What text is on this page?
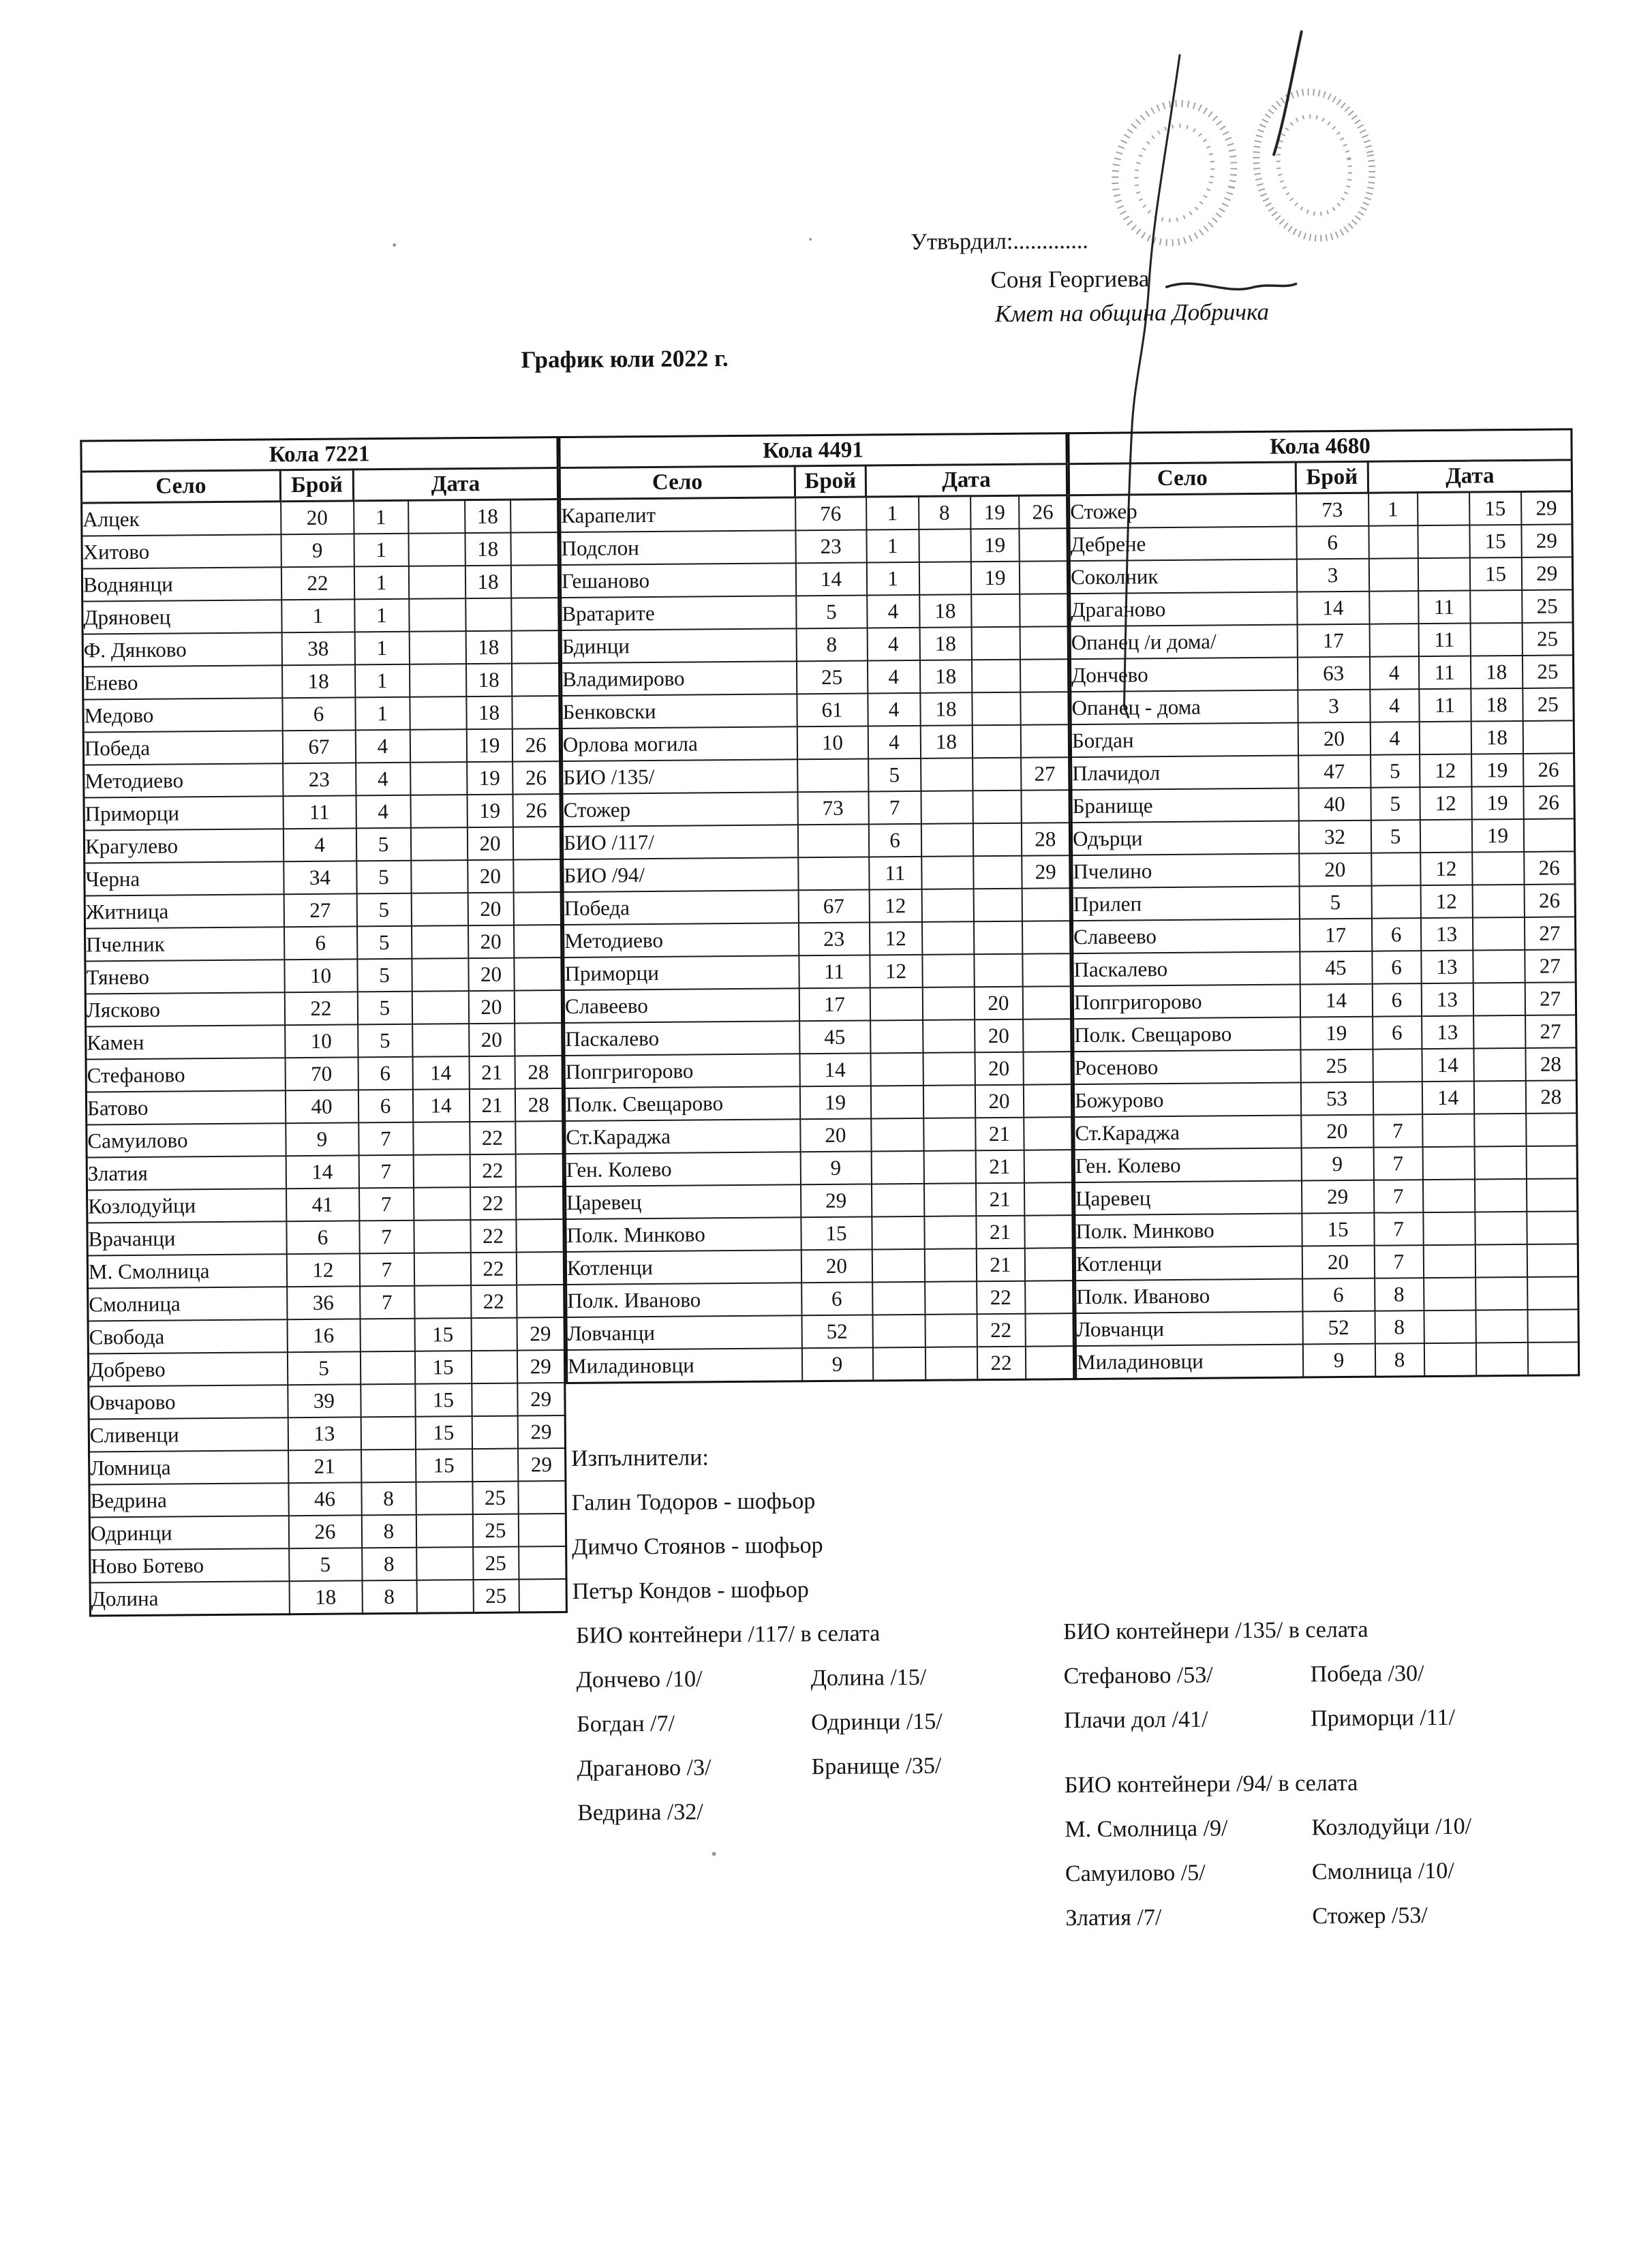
Утвърдил:.............
Соня Георгиева
Кмет на община Добричка
График юли 2022 г.
Кола 7221					
Село	Брой	Дата			
Алцек	20	1		18	
Хитово	9	1		18	
Воднянци	22	1		18	
Дряновец	1	1			
Ф. Дянково	38	1		18	
Енево	18	1		18	
Медово	6	1		18	
Победа	67	4		19	26
Методиево	23	4		19	26
Приморци	11	4		19	26
Крагулево	4	5		20	
Черна	34	5		20	
Житница	27	5		20	
Пчелник	6	5		20	
Тянево	10	5		20	
Лясково	22	5		20	
Камен	10	5		20	
Стефаново	70	6	14	21	28
Батово	40	6	14	21	28
Самуилово	9	7		22	
Златия	14	7		22	
Козлодуйци	41	7		22	
Врачанци	6	7		22	
М. Смолница	12	7		22	
Смолница	36	7		22	
Свобода	16		15		29
Добрево	5		15		29
Овчарово	39		15		29
Сливенци	13		15		29
Ломница	21		15		29
Ведрина	46	8		25	
Одринци	26	8		25	
Ново Ботево	5	8		25	
Долина	18	8		25	
Кола 4491					
Село	Брой	Дата			
Карапелит	76	1	8	19	26
Подслон	23	1		19	
Гешаново	14	1		19	
Вратарите	5	4	18		
Бдинци	8	4	18		
Владимирово	25	4	18		
Бенковски	61	4	18		
Орлова могила	10	4	18		
БИО /135/		5			27
Стожер	73	7			
БИО /117/		6			28
БИО /94/		11			29
Победа	67	12			
Методиево	23	12			
Приморци	11	12			
Славеево	17			20	
Паскалево	45			20	
Попгригорово	14			20	
Полк. Свещарово	19			20	
Ст.Караджа	20			21	
Ген. Колево	9			21	
Царевец	29			21	
Полк. Минково	15			21	
Котленци	20			21	
Полк. Иваново	6			22	
Ловчанци	52			22	
Миладиновци	9			22	
Кола 4680					
Село	Брой	Дата			
Стожер	73	1		15	29
Дебрене	6			15	29
Соколник	3			15	29
Драганово	14		11		25
Опанец /и дома/	17		11		25
Дончево	63	4	11	18	25
Опанец - дома	3	4	11	18	25
Богдан	20	4		18	
Плачидол	47	5	12	19	26
Бранище	40	5	12	19	26
Одърци	32	5		19	
Пчелино	20		12		26
Прилеп	5		12		26
Славеево	17	6	13		27
Паскалево	45	6	13		27
Попгригорово	14	6	13		27
Полк. Свещарово	19	6	13		27
Росеново	25		14		28
Божурово	53		14		28
Ст.Караджа	20	7			
Ген. Колево	9	7			
Царевец	29	7			
Полк. Минково	15	7			
Котленци	20	7			
Полк. Иваново	6	8			
Ловчанци	52	8			
Миладиновци	9	8			
Изпълнители:
Галин Тодоров - шофьор
Димчо Стоянов - шофьор
Петър Кондов - шофьор
БИО контейнери /117/ в селата
Дончево /10/	Долина /15/
Богдан /7/	Одринци /15/
Драганово /3/	Бранище /35/
Ведрина /32/
БИО контейнери /135/ в селата
Стефаново /53/	Победа /30/
Плачи дол /41/	Приморци /11/
БИО контейнери /94/ в селата
М. Смолница /9/	Козлодуйци /10/
Самуилово /5/	Смолница /10/
Златия /7/	Стожер /53/
